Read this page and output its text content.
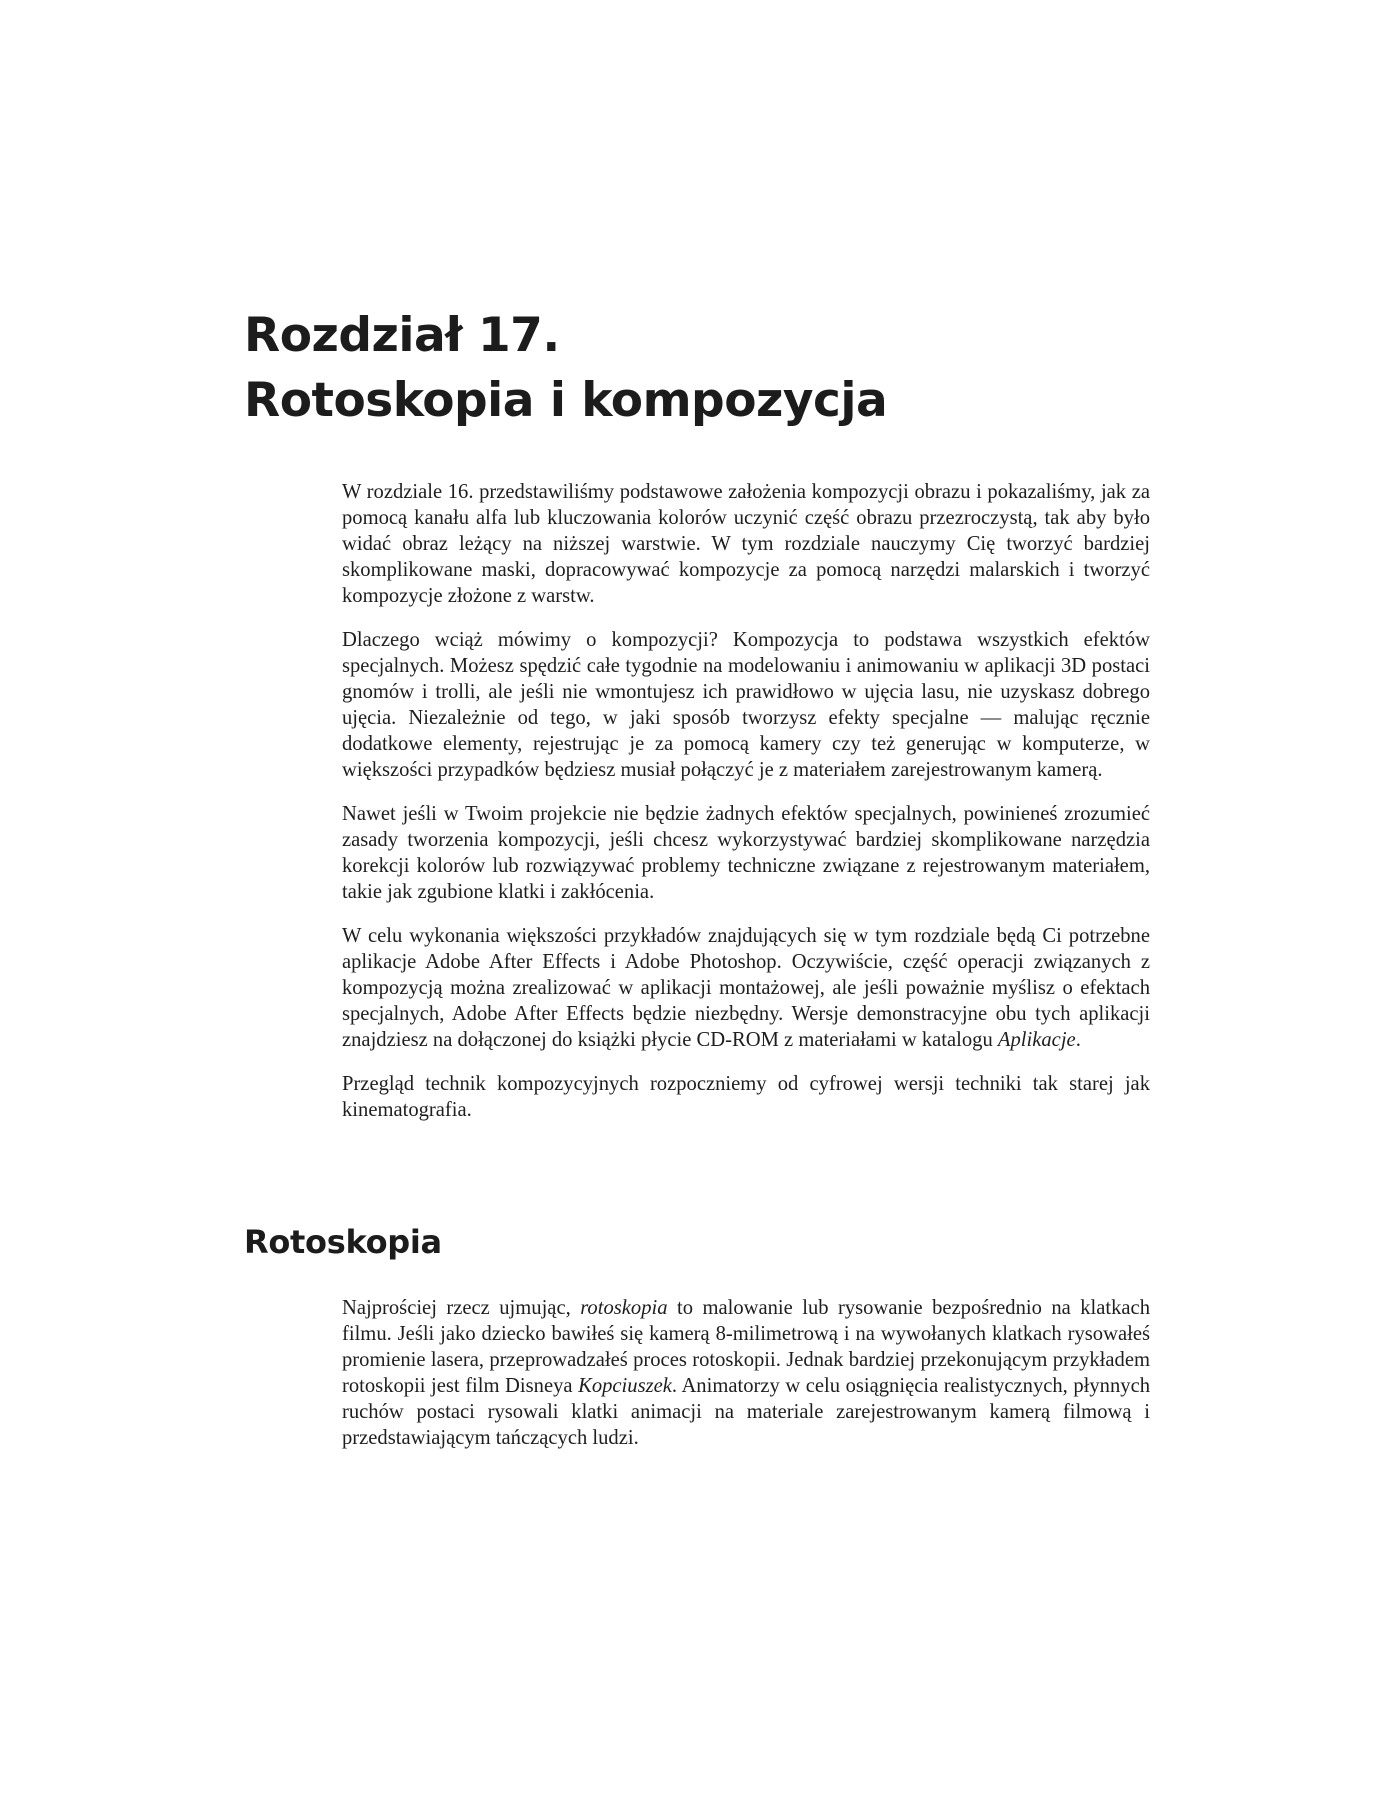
Rozdział 17.
Rotoskopia i kompozycja

W rozdziale 16. przedstawiliśmy podstawowe założenia kompozycji obrazu i pokazaliśmy, jak za pomocą kanału alfa lub kluczowania kolorów uczynić część obrazu przezroczystą, tak aby było widać obraz leżący na niższej warstwie. W tym rozdziale nauczymy Cię tworzyć bardziej skomplikowane maski, dopracowywać kompozycje za pomocą narzędzi malarskich i tworzyć kompozycje złożone z warstw.

Dlaczego wciąż mówimy o kompozycji? Kompozycja to podstawa wszystkich efektów specjalnych. Możesz spędzić całe tygodnie na modelowaniu i animowaniu w aplikacji 3D postaci gnomów i trolli, ale jeśli nie wmontujesz ich prawidłowo w ujęcia lasu, nie uzyskasz dobrego ujęcia. Niezależnie od tego, w jaki sposób tworzysz efekty specjalne — malując ręcznie dodatkowe elementy, rejestrując je za pomocą kamery czy też generując w komputerze, w większości przypadków będziesz musiał połączyć je z materiałem zarejestrowanym kamerą.

Nawet jeśli w Twoim projekcie nie będzie żadnych efektów specjalnych, powinieneś zrozumieć zasady tworzenia kompozycji, jeśli chcesz wykorzystywać bardziej skomplikowane narzędzia korekcji kolorów lub rozwiązywać problemy techniczne związane z rejestrowanym materiałem, takie jak zgubione klatki i zakłócenia.

W celu wykonania większości przykładów znajdujących się w tym rozdziale będą Ci potrzebne aplikacje Adobe After Effects i Adobe Photoshop. Oczywiście, część operacji związanych z kompozycją można zrealizować w aplikacji montażowej, ale jeśli poważnie myślisz o efektach specjalnych, Adobe After Effects będzie niezbędny. Wersje demonstracyjne obu tych aplikacji znajdziesz na dołączonej do książki płycie CD-ROM z materiałami w katalogu Aplikacje.

Przegląd technik kompozycyjnych rozpoczniemy od cyfrowej wersji techniki tak starej jak kinematografia.

Rotoskopia

Najprościej rzecz ujmując, rotoskopia to malowanie lub rysowanie bezpośrednio na klatkach filmu. Jeśli jako dziecko bawiłeś się kamerą 8-milimetrową i na wywołanych klatkach rysowałeś promienie lasera, przeprowadzałeś proces rotoskopii. Jednak bardziej przekonującym przykładem rotoskopii jest film Disneya Kopciuszek. Animatorzy w celu osiągnięcia realistycznych, płynnych ruchów postaci rysowali klatki animacji na materiale zarejestrowanym kamerą filmową i przedstawiającym tańczących ludzi.
